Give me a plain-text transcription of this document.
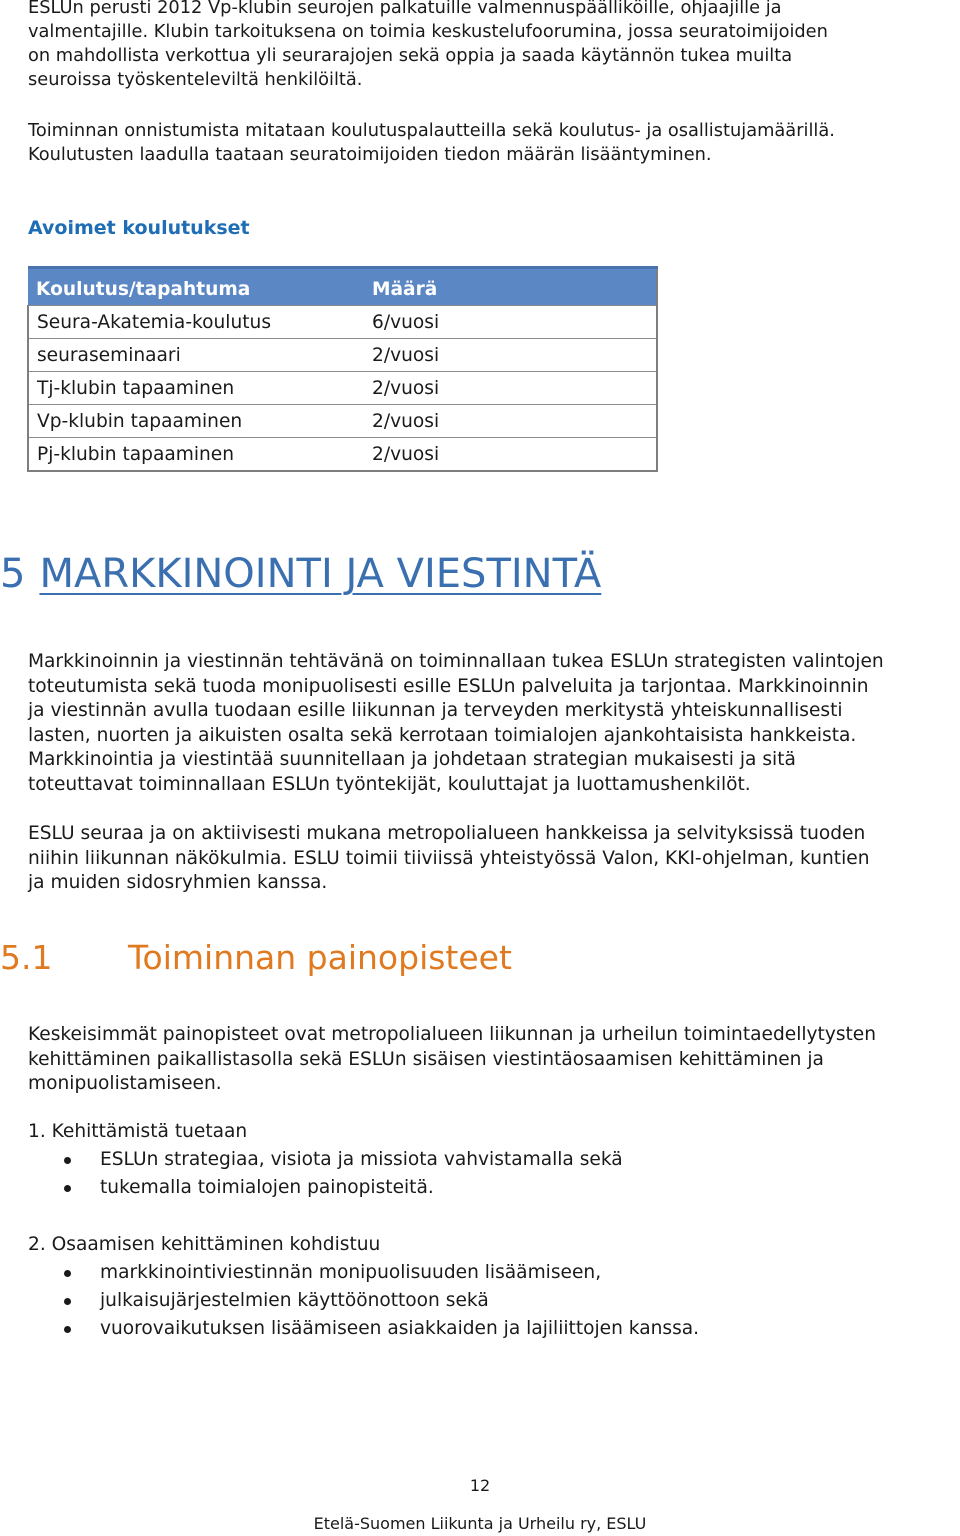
ESLUn perusti 2012 Vp-klubin seurojen palkatuille valmennuspäälliköille, ohjaajille ja
valmentajille. Klubin tarkoituksena on toimia keskustelufoorumina, jossa seuratoimijoiden
on mahdollista verkottua yli seurarajojen sekä oppia ja saada käytännön tukea muilta
seuroissa työskenteleviltä henkilöiltä.

Toiminnan onnistumista mitataan koulutuspalautteilla sekä koulutus- ja osallistujamäärillä.
Koulutusten laadulla taataan seuratoimijoiden tiedon määrän lisääntyminen.

Avoimet koulutukset
Koulutus/tapahtuma	Määrä
Seura-Akatemia-koulutus	6/vuosi
seuraseminaari	2/vuosi
Tj-klubin tapaaminen	2/vuosi
Vp-klubin tapaaminen	2/vuosi
Pj-klubin tapaaminen	2/vuosi
5 MARKKINOINTI JA VIESTINTÄ

Markkinoinnin ja viestinnän tehtävänä on toiminnallaan tukea ESLUn strategisten valintojen
toteutumista sekä tuoda monipuolisesti esille ESLUn palveluita ja tarjontaa. Markkinoinnin
ja viestinnän avulla tuodaan esille liikunnan ja terveyden merkitystä yhteiskunnallisesti
lasten, nuorten ja aikuisten osalta sekä kerrotaan toimialojen ajankohtaisista hankkeista.
Markkinointia ja viestintää suunnitellaan ja johdetaan strategian mukaisesti ja sitä
toteuttavat toiminnallaan ESLUn työntekijät, kouluttajat ja luottamushenkilöt.

ESLU seuraa ja on aktiivisesti mukana metropolialueen hankkeissa ja selvityksissä tuoden
niihin liikunnan näkökulmia. ESLU toimii tiiviissä yhteistyössä Valon, KKI-ohjelman, kuntien
ja muiden sidosryhmien kanssa.

5.1 Toiminnan painopisteet

Keskeisimmät painopisteet ovat metropolialueen liikunnan ja urheilun toimintaedellytysten
kehittäminen paikallistasolla sekä ESLUn sisäisen viestintäosaamisen kehittäminen ja
monipuolistamiseen.

1. Kehittämistä tuetaan
ESLUn strategiaa, visiota ja missiota vahvistamalla sekä
tukemalla toimialojen painopisteitä.
2. Osaamisen kehittäminen kohdistuu
markkinointiviestinnän monipuolisuuden lisäämiseen,
julkaisujärjestelmien käyttöönottoon sekä
vuorovaikutuksen lisäämiseen asiakkaiden ja lajiliittojen kanssa.
12
Etelä-Suomen Liikunta ja Urheilu ry, ESLU
